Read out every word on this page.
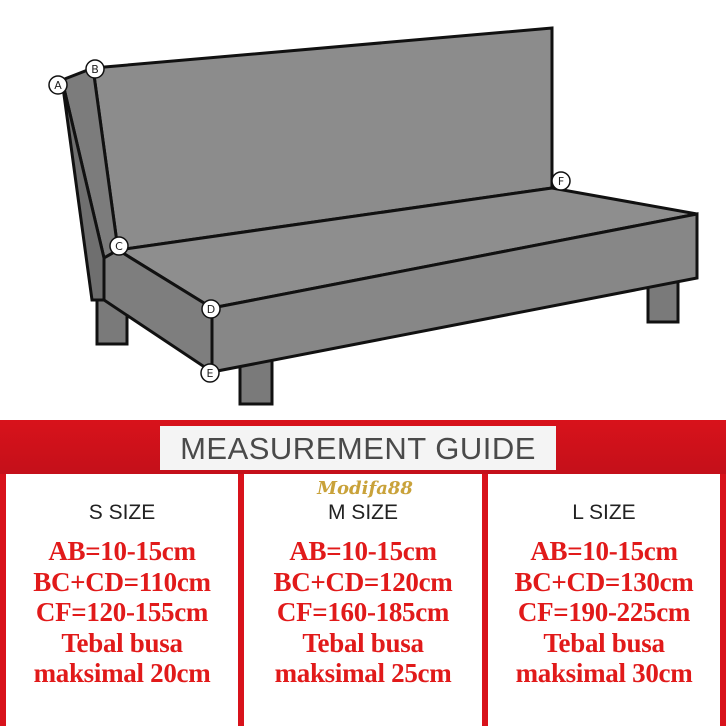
A
B
C
D
E
F
MEASUREMENT GUIDE
Modifa88
S SIZE
AB=10-15cm
BC+CD=110cm
CF=120-155cm
Tebal busa
maksimal 20cm
M SIZE
AB=10-15cm
BC+CD=120cm
CF=160-185cm
Tebal busa
maksimal 25cm
L SIZE
AB=10-15cm
BC+CD=130cm
CF=190-225cm
Tebal busa
maksimal 30cm
